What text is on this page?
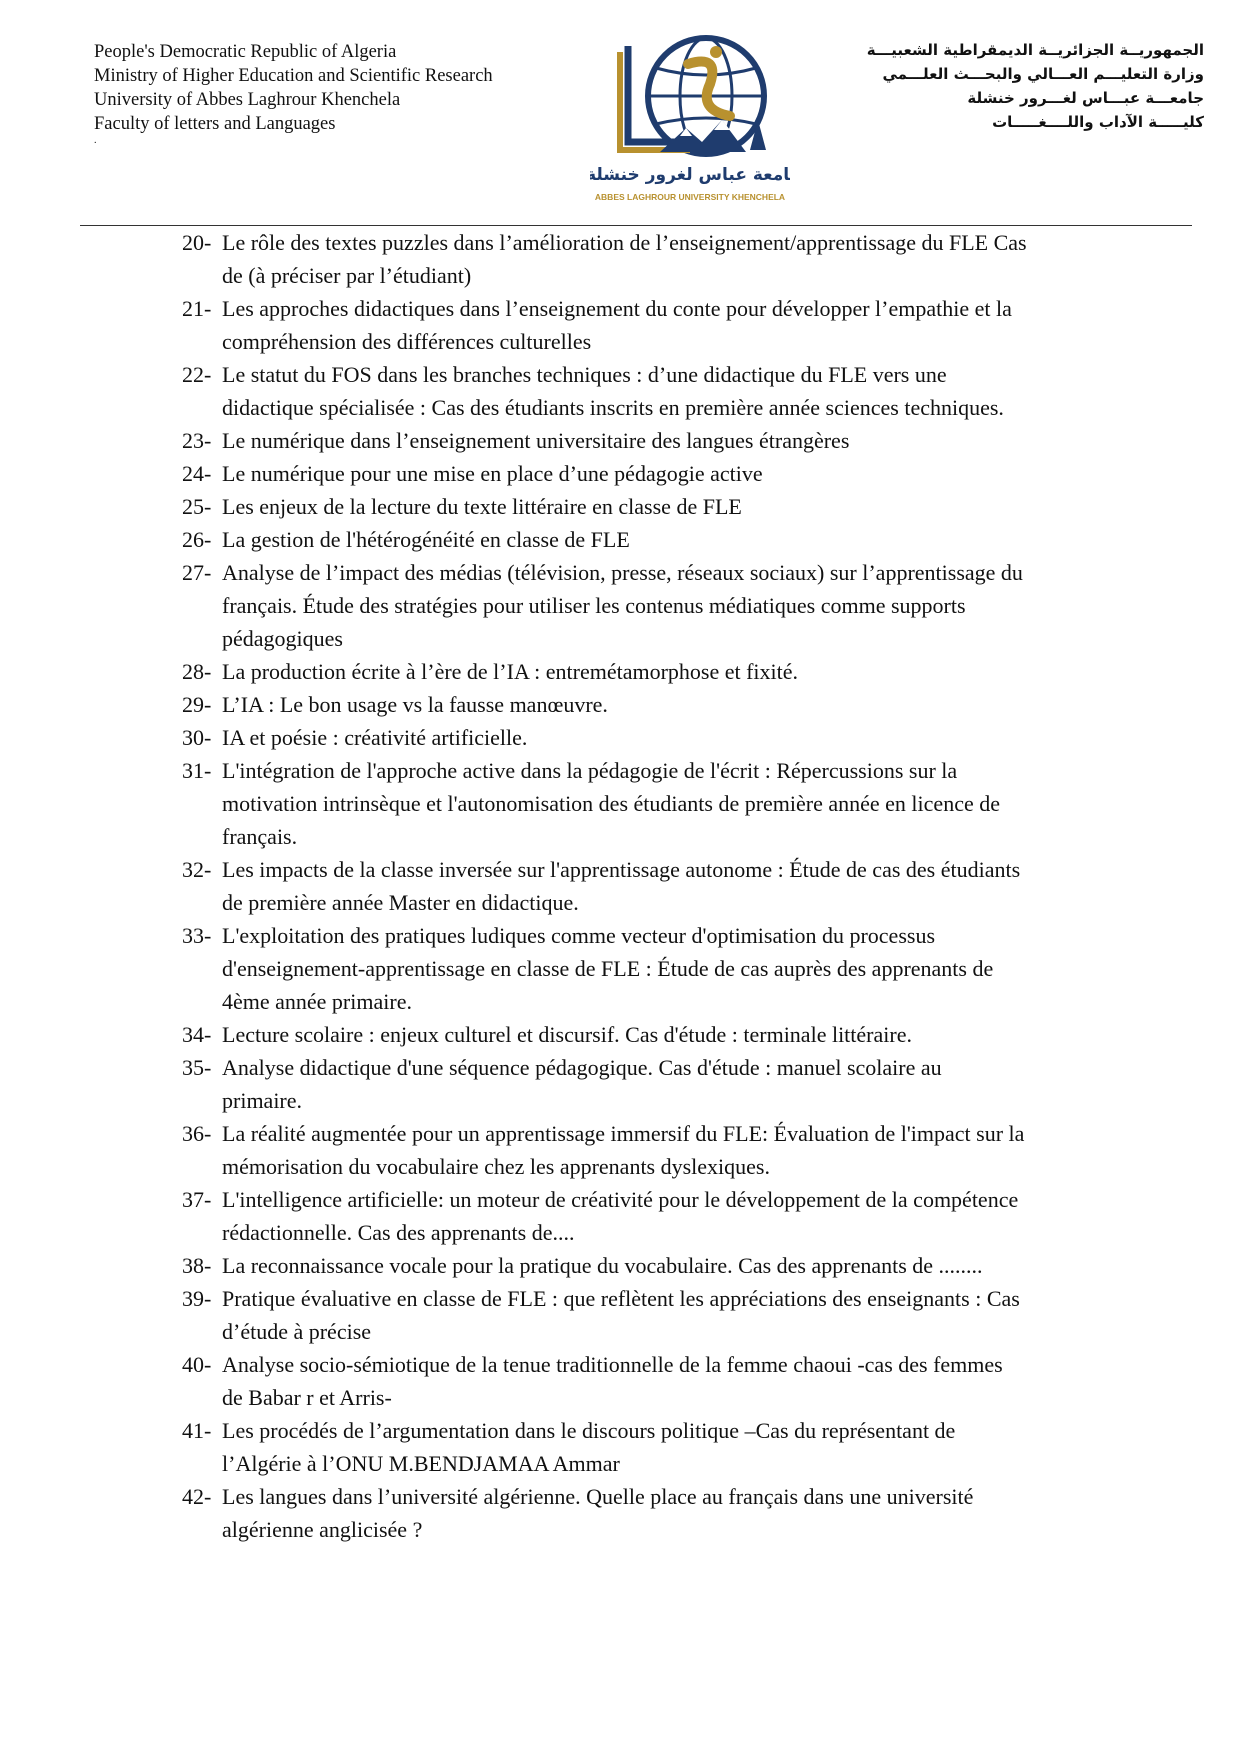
People's Democratic Republic of Algeria
Ministry of Higher Education and Scientific Research
University of Abbes Laghrour Khenchela
Faculty of letters and Languages
.
جامعة عباس لغرور خنشلة
ABBES LAGHROUR UNIVERSITY KHENCHELA
الجمهوريــة الجزائريــة الديمقراطية الشعبيـــة
وزارة التعليـــم العـــالي والبحـــث العلـــمي
جامعـــة عبـــاس لغـــرور خنشلة
كليـــــة الآداب واللــــغـــــات
20- Le rôle des textes puzzles dans l’amélioration de l’enseignement/apprentissage du FLE Cas
de (à préciser par l’étudiant)
21- Les approches didactiques dans l’enseignement du conte pour développer l’empathie et la
compréhension des différences culturelles
22- Le statut du FOS dans les branches techniques : d’une didactique du FLE vers une
didactique spécialisée : Cas des étudiants inscrits en première année sciences techniques.
23- Le numérique dans l’enseignement universitaire des langues étrangères
24- Le numérique pour une mise en place d’une pédagogie active
25- Les enjeux de la lecture du texte littéraire en classe de FLE
26- La gestion de l'hétérogénéité en classe de FLE
27- Analyse de l’impact des médias (télévision, presse, réseaux sociaux) sur l’apprentissage du
français. Étude des stratégies pour utiliser les contenus médiatiques comme supports
pédagogiques
28- La production écrite à l’ère de l’IA : entremétamorphose et fixité.
29- L’IA : Le bon usage vs la fausse manœuvre.
30- IA et poésie : créativité artificielle.
31- L'intégration de l'approche active dans la pédagogie de l'écrit : Répercussions sur la
motivation intrinsèque et l'autonomisation des étudiants de première année en licence de
français.
32- Les impacts de la classe inversée sur l'apprentissage autonome : Étude de cas des étudiants
de première année Master en didactique.
33- L'exploitation des pratiques ludiques comme vecteur d'optimisation du processus
d'enseignement-apprentissage en classe de FLE : Étude de cas auprès des apprenants de
4ème année primaire.
34- Lecture scolaire : enjeux culturel et discursif. Cas d'étude : terminale littéraire.
35- Analyse didactique d'une séquence pédagogique. Cas d'étude : manuel scolaire au
primaire.
36- La réalité augmentée pour un apprentissage immersif du FLE: Évaluation de l'impact sur la
mémorisation du vocabulaire chez les apprenants dyslexiques.
37- L'intelligence artificielle: un moteur de créativité pour le développement de la compétence
rédactionnelle. Cas des apprenants de....
38- La reconnaissance vocale pour la pratique du vocabulaire. Cas des apprenants de ........
39- Pratique évaluative en classe de FLE : que reflètent les appréciations des enseignants : Cas
d’étude à précise
40- Analyse socio-sémiotique de la tenue traditionnelle de la femme chaoui -cas des femmes
de Babar r et Arris-
41- Les procédés de l’argumentation dans le discours politique –Cas du représentant de
l’Algérie à l’ONU M.BENDJAMAA Ammar
42- Les langues dans l’université algérienne. Quelle place au français dans une université
algérienne anglicisée ?
